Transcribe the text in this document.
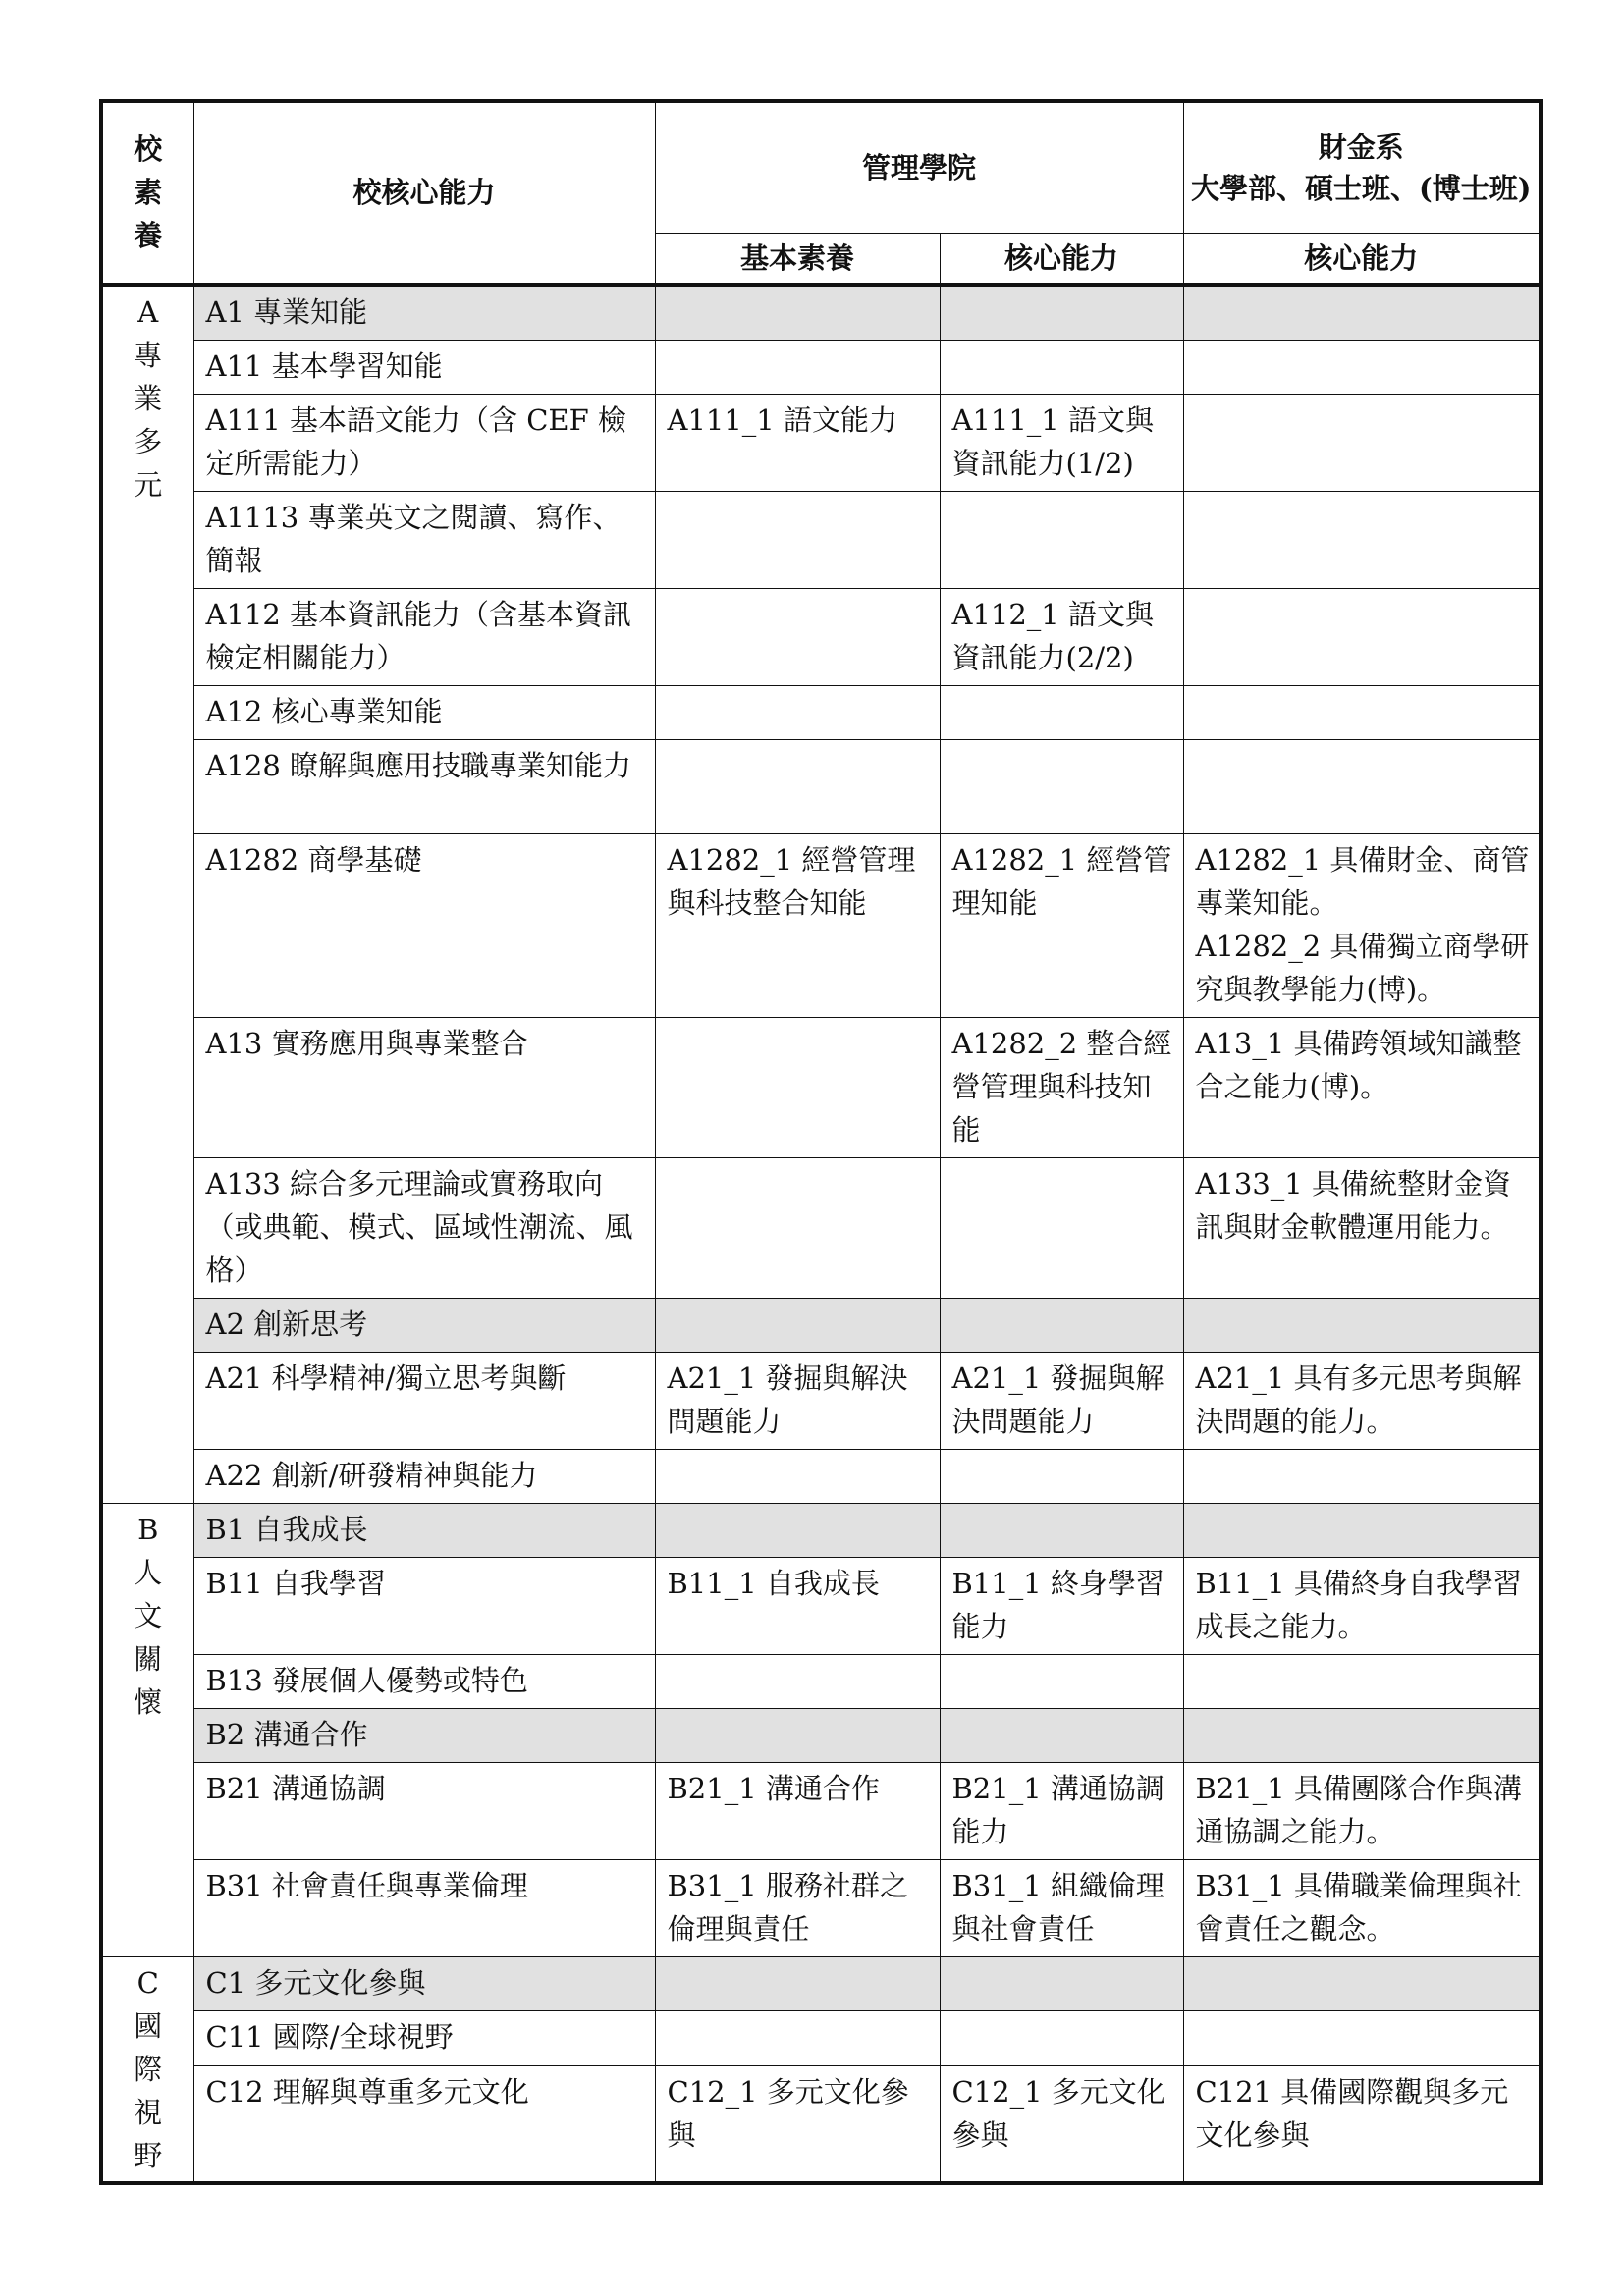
校素養	校核心能力	管理學院		財金系
大學部、碩士班、(博士班)

		基本素養	核心能力	核心能力
A專業多元	A1 專業知能			
	A11 基本學習知能			
	A111 基本語文能力（含 CEF 檢定所需能力）	A111_1 語文能力	A111_1 語文與資訊能力(1/2)	
	A1113 專業英文之閱讀、寫作、簡報			
	A112 基本資訊能力（含基本資訊檢定相關能力）		A112_1 語文與資訊能力(2/2)	
	A12 核心專業知能			
	A128 瞭解與應用技職專業知能力			
	A1282 商學基礎	A1282_1 經營管理與科技整合知能	A1282_1 經營管理知能	A1282_1 具備財金、商管專業知能。
A1282_2 具備獨立商學研究與教學能力(博)。

	A13 實務應用與專業整合		A1282_2 整合經營管理與科技知能	A13_1 具備跨領域知識整合之能力(博)。
	A133 綜合多元理論或實務取向（或典範、模式、區域性潮流、風格）			A133_1 具備統整財金資訊與財金軟體運用能力。
	A2 創新思考			
	A21 科學精神/獨立思考與斷	A21_1 發掘與解決問題能力	A21_1 發掘與解決問題能力	A21_1 具有多元思考與解決問題的能力。
	A22 創新/研發精神與能力			
B人文關懷	B1 自我成長			
	B11 自我學習	B11_1 自我成長	B11_1 終身學習能力	B11_1 具備終身自我學習成長之能力。
	B13 發展個人優勢或特色			
	B2 溝通合作			
	B21 溝通協調	B21_1 溝通合作	B21_1 溝通協調能力	B21_1 具備團隊合作與溝通協調之能力。
	B31 社會責任與專業倫理	B31_1 服務社群之倫理與責任	B31_1 組織倫理與社會責任	B31_1 具備職業倫理與社會責任之觀念。
C國際視野	C1 多元文化參與			
	C11 國際/全球視野			
	C12 理解與尊重多元文化	C12_1 多元文化參與	C12_1 多元文化參與	C121 具備國際觀與多元文化參與
